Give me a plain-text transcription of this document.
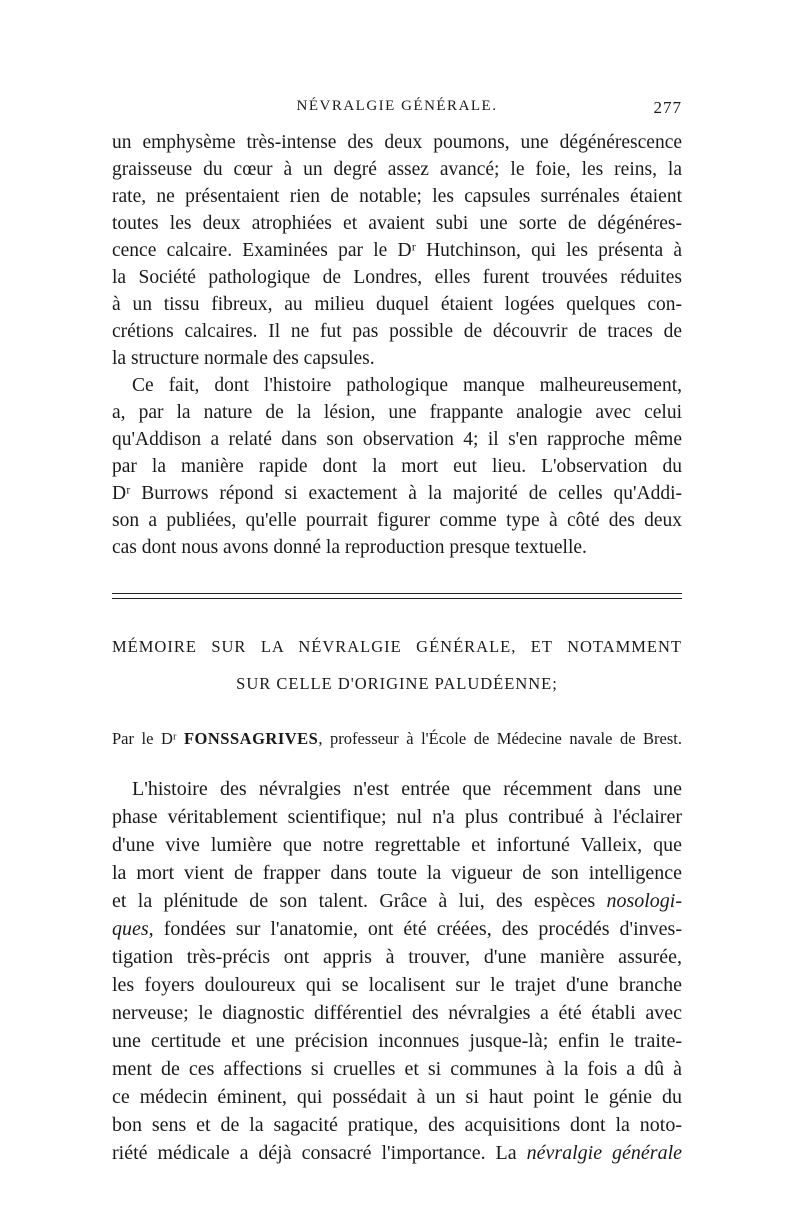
NÉVRALGIE GÉNÉRALE.	277
un emphysème très-intense des deux poumons, une dégénérescence
graisseuse du cœur à un degré assez avancé; le foie, les reins, la
rate, ne présentaient rien de notable; les capsules surrénales étaient
toutes les deux atrophiées et avaient subi une sorte de dégénéres-
cence calcaire. Examinées par le Dʳ Hutchinson, qui les présenta à
la Société pathologique de Londres, elles furent trouvées réduites
à un tissu fibreux, au milieu duquel étaient logées quelques con-
crétions calcaires. Il ne fut pas possible de découvrir de traces de
la structure normale des capsules.
Ce fait, dont l'histoire pathologique manque malheureusement,
a, par la nature de la lésion, une frappante analogie avec celui
qu'Addison a relaté dans son observation 4; il s'en rapproche même
par la manière rapide dont la mort eut lieu. L'observation du
Dʳ Burrows répond si exactement à la majorité de celles qu'Addi-
son a publiées, qu'elle pourrait figurer comme type à côté des deux
cas dont nous avons donné la reproduction presque textuelle.
MÉMOIRE SUR LA NÉVRALGIE GÉNÉRALE, ET NOTAMMENT
SUR CELLE D'ORIGINE PALUDÉENNE;
Par le Dʳ FONSSAGRIVES, professeur à l'École de Médecine navale de Brest.
L'histoire des névralgies n'est entrée que récemment dans une
phase véritablement scientifique; nul n'a plus contribué à l'éclairer
d'une vive lumière que notre regrettable et infortuné Valleix, que
la mort vient de frapper dans toute la vigueur de son intelligence
et la plénitude de son talent. Grâce à lui, des espèces nosologi-
ques, fondées sur l'anatomie, ont été créées, des procédés d'inves-
tigation très-précis ont appris à trouver, d'une manière assurée,
les foyers douloureux qui se localisent sur le trajet d'une branche
nerveuse; le diagnostic différentiel des névralgies a été établi avec
une certitude et une précision inconnues jusque-là; enfin le traite-
ment de ces affections si cruelles et si communes à la fois a dû à
ce médecin éminent, qui possédait à un si haut point le génie du
bon sens et de la sagacité pratique, des acquisitions dont la noto-
riété médicale a déjà consacré l'importance. La névralgie générale
